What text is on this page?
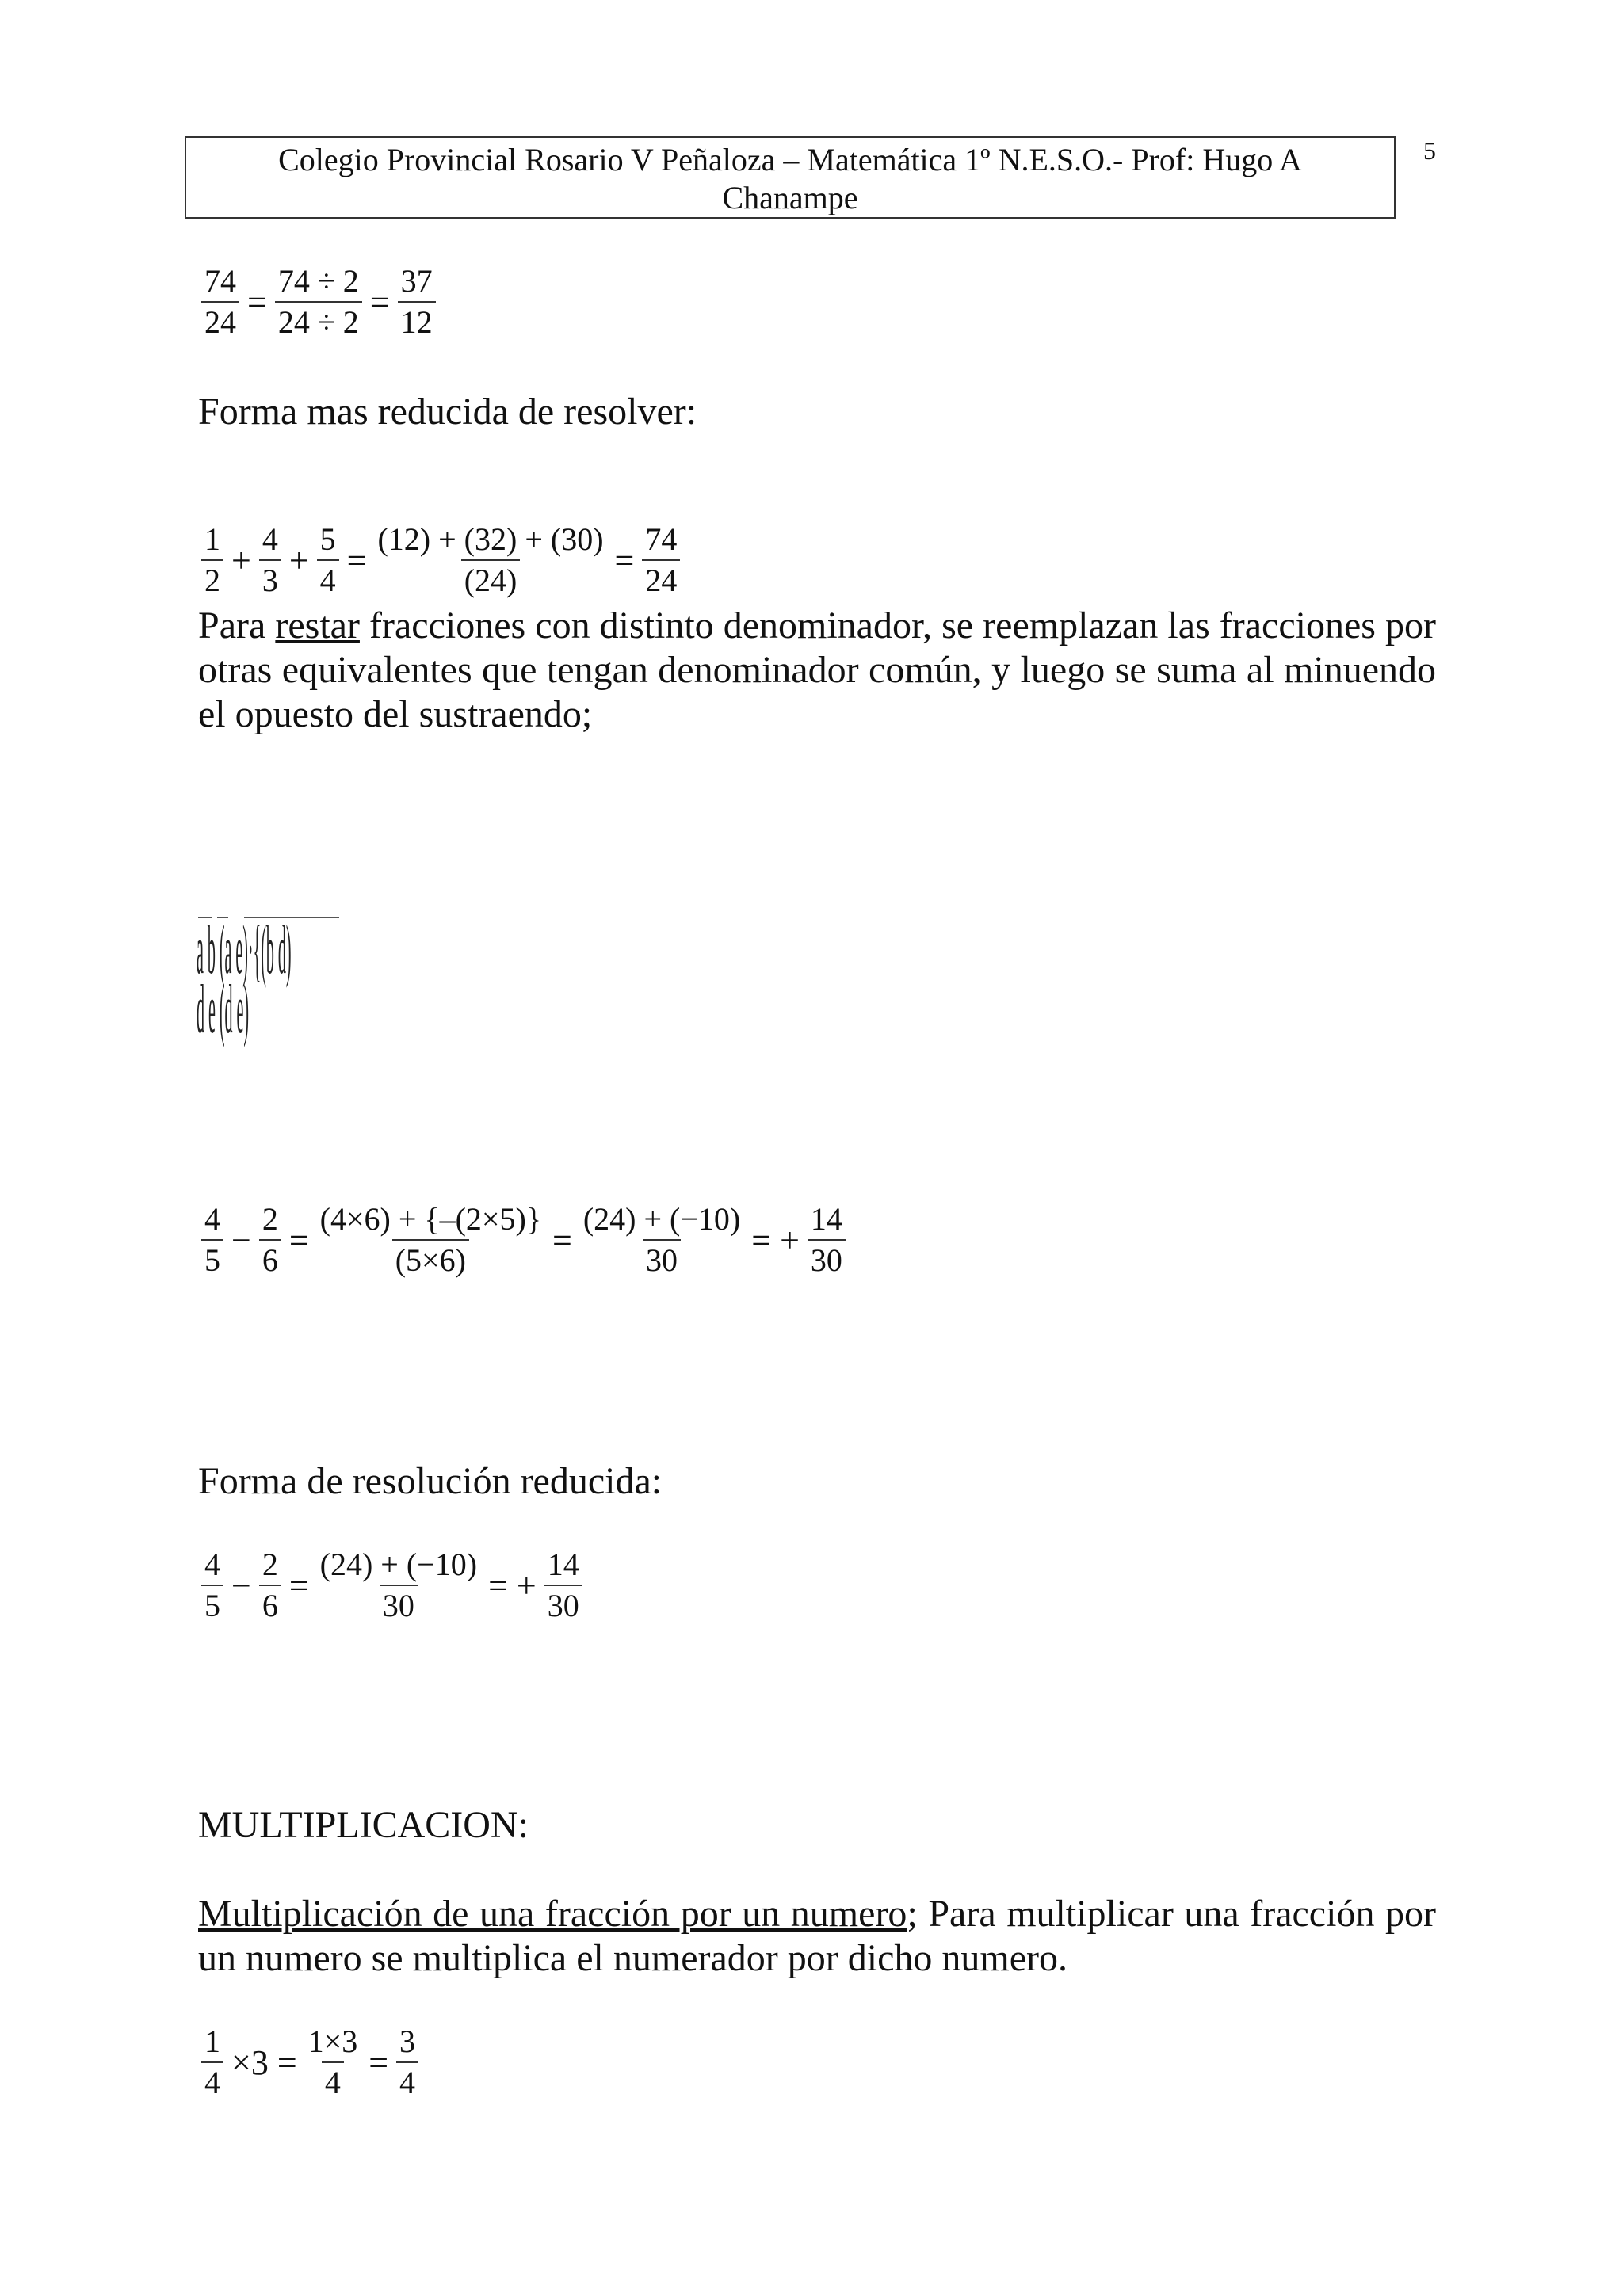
Colegio Provincial Rosario V Peñaloza – Matemática 1º N.E.S.O.- Prof: Hugo A
Chanampe
5
$\frac{74}{24} = \frac{74 \div 2}{24 \div 2} = \frac{37}{12}$
Forma mas reducida de resolver:
$\frac{1}{2} + \frac{4}{3} + \frac{5}{4} = \frac{(12) + (32) + (30)}{(24)} = \frac{74}{24}$
Para restar fracciones con distinto denominador, se reemplazan las fracciones por otras equivalentes que tengan denominador común, y luego se suma al minuendo el opuesto del sustraendo;
a b (a e)·{(b d)
d e (d e)
$\frac{4}{5} - \frac{2}{6} = \frac{(4\times 6) + \{-(2\times 5)\}}{(5\times 6)} = \frac{(24) + (-10)}{30}$ = + $\frac{14}{30}$
Forma de resolución reducida:
$\frac{4}{5} - \frac{2}{6} = \frac{(24) + (-10)}{30}$ = + $\frac{14}{30}$
MULTIPLICACION:
Multiplicación de una fracción por un numero; Para multiplicar una fracción por un numero se multiplica el numerador por dicho numero.
$\frac{1}{4} \times 3 = \frac{1\times 3}{4} = \frac{3}{4}$
